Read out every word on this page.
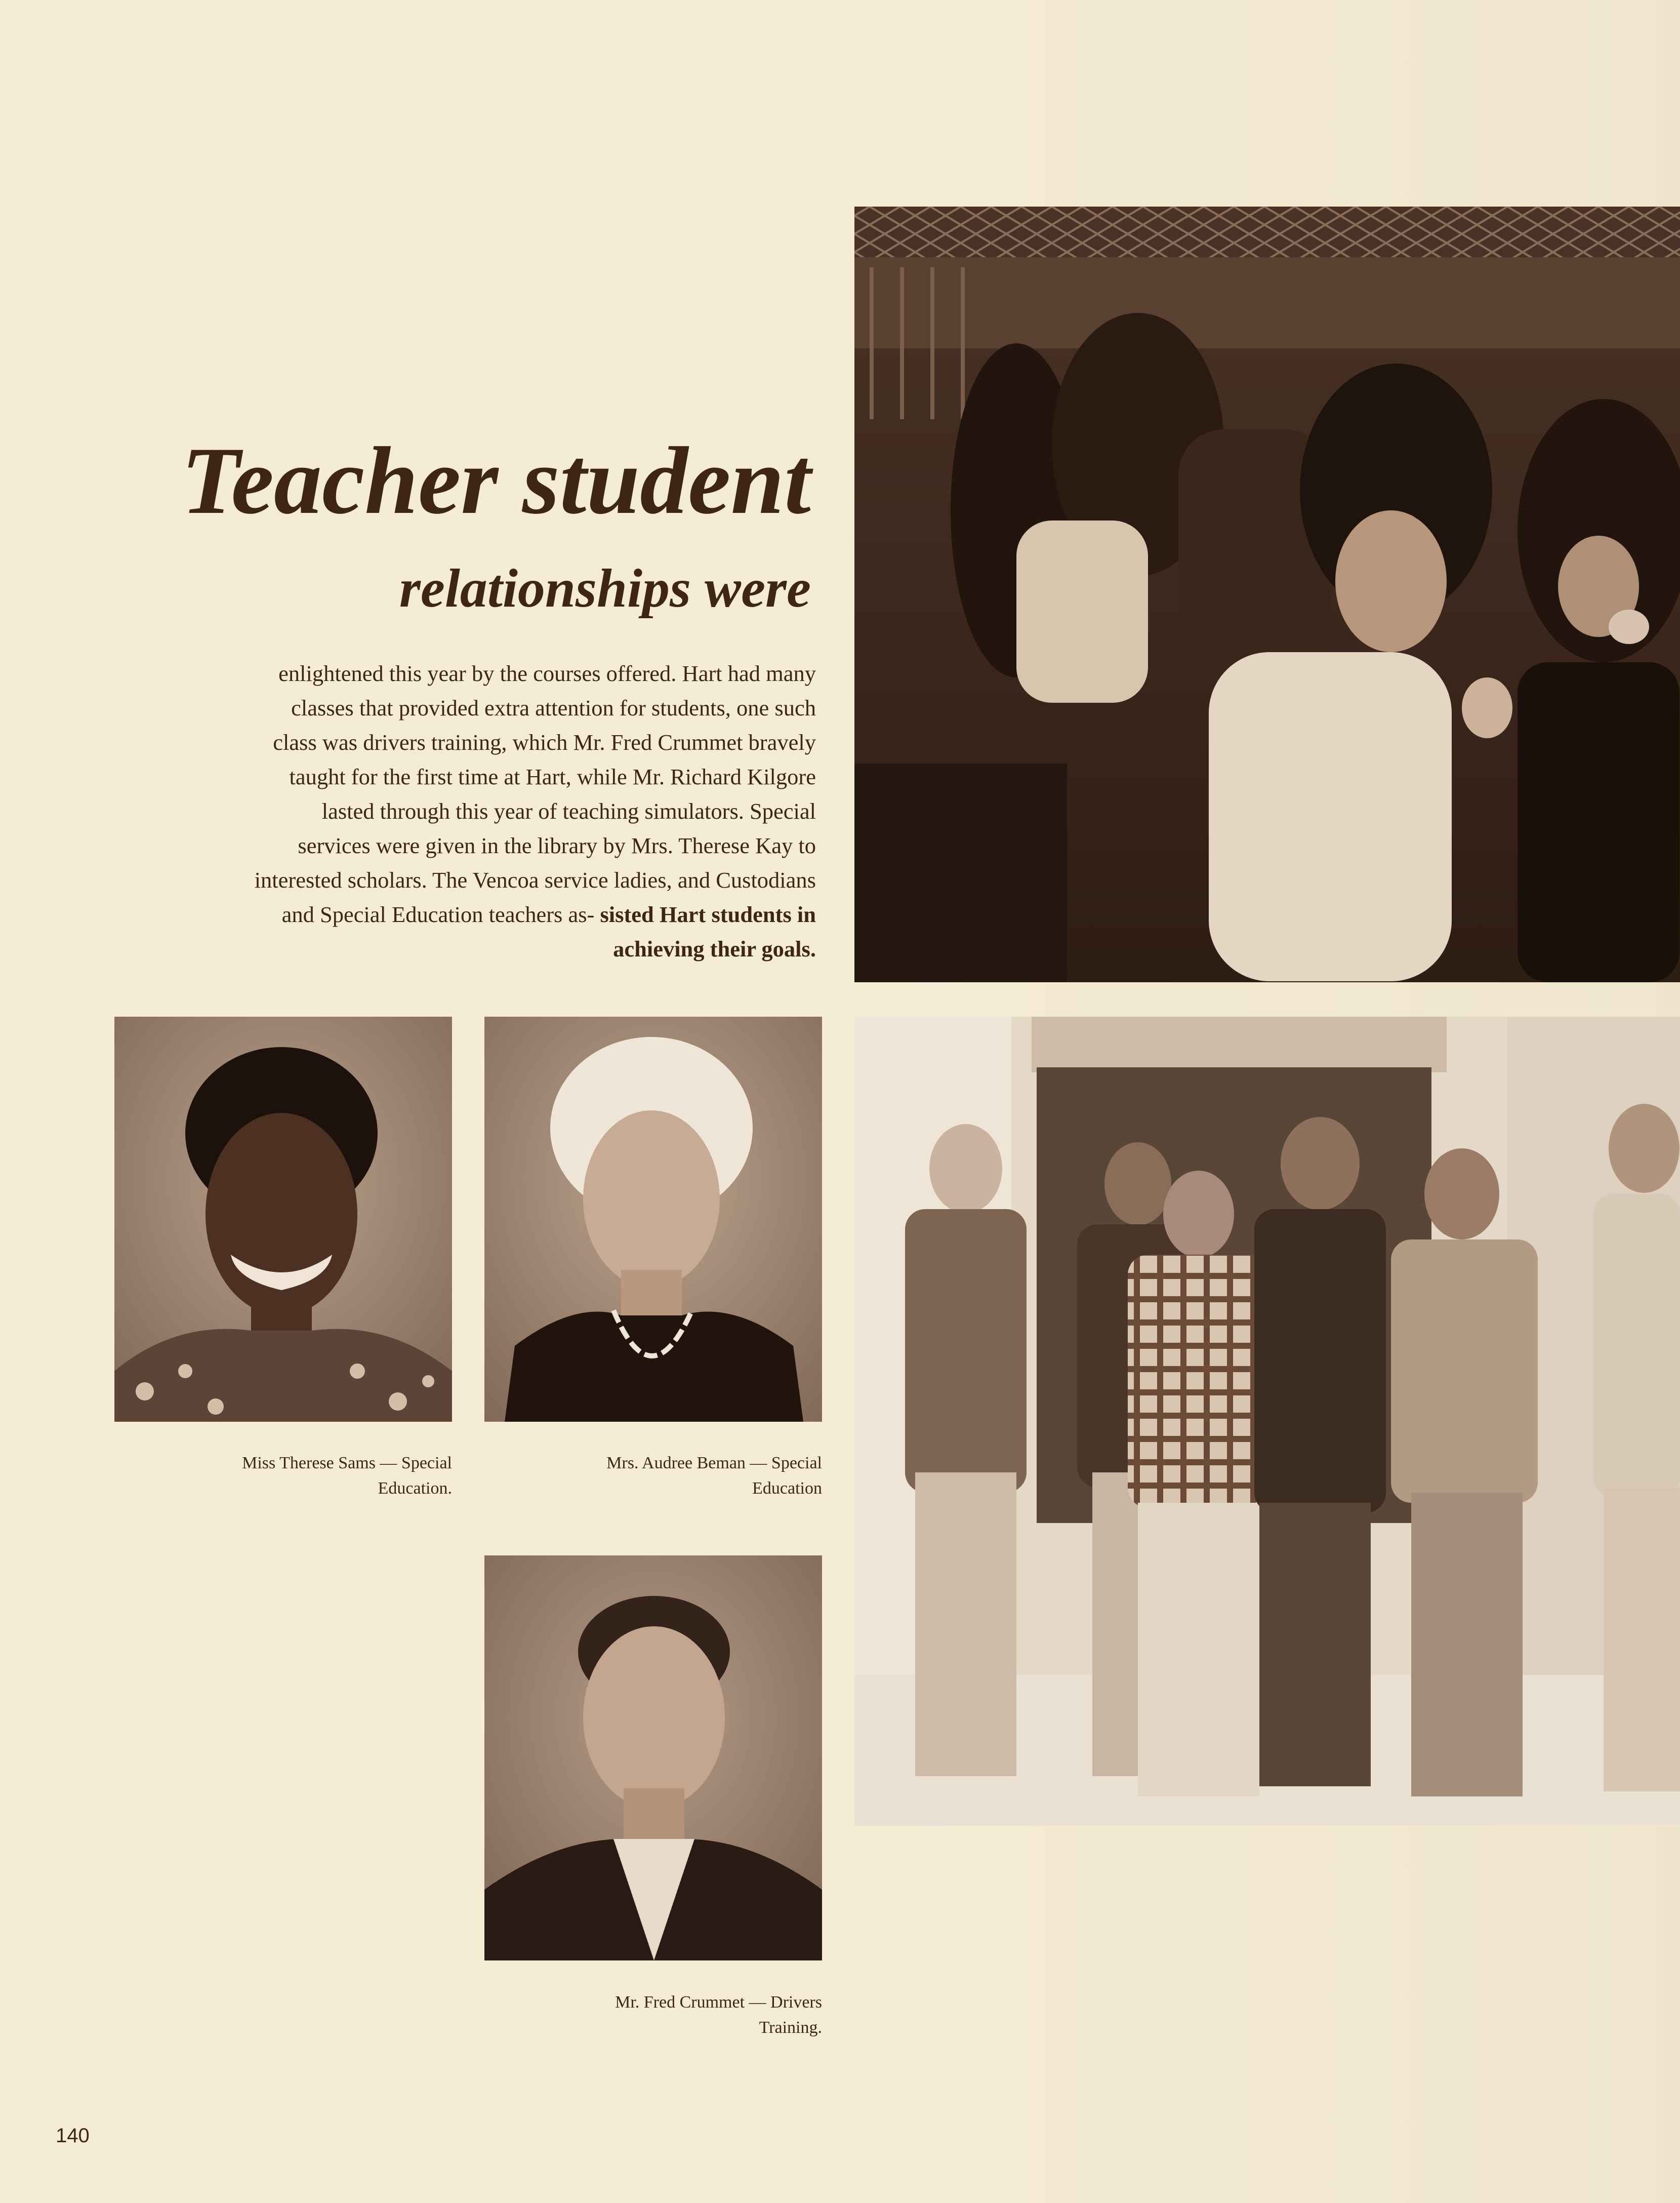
Teacher student
relationships were

enlightened this year by the courses offered. Hart had many classes that provided extra attention for students, one such class was drivers training, which Mr. Fred Crummet bravely taught for the first time at Hart, while Mr. Richard Kilgore lasted through this year of teaching simulators. Special services were given in the library by Mrs. Therese Kay to interested scholars. The Vencoa service ladies, and Custodians and Special Education teachers as- sisted Hart students in achieving their goals.

Miss Therese Sams — Special
Education.

Mrs. Audree Beman — Special
Education

Mr. Fred Crummet — Drivers
Training.

140
